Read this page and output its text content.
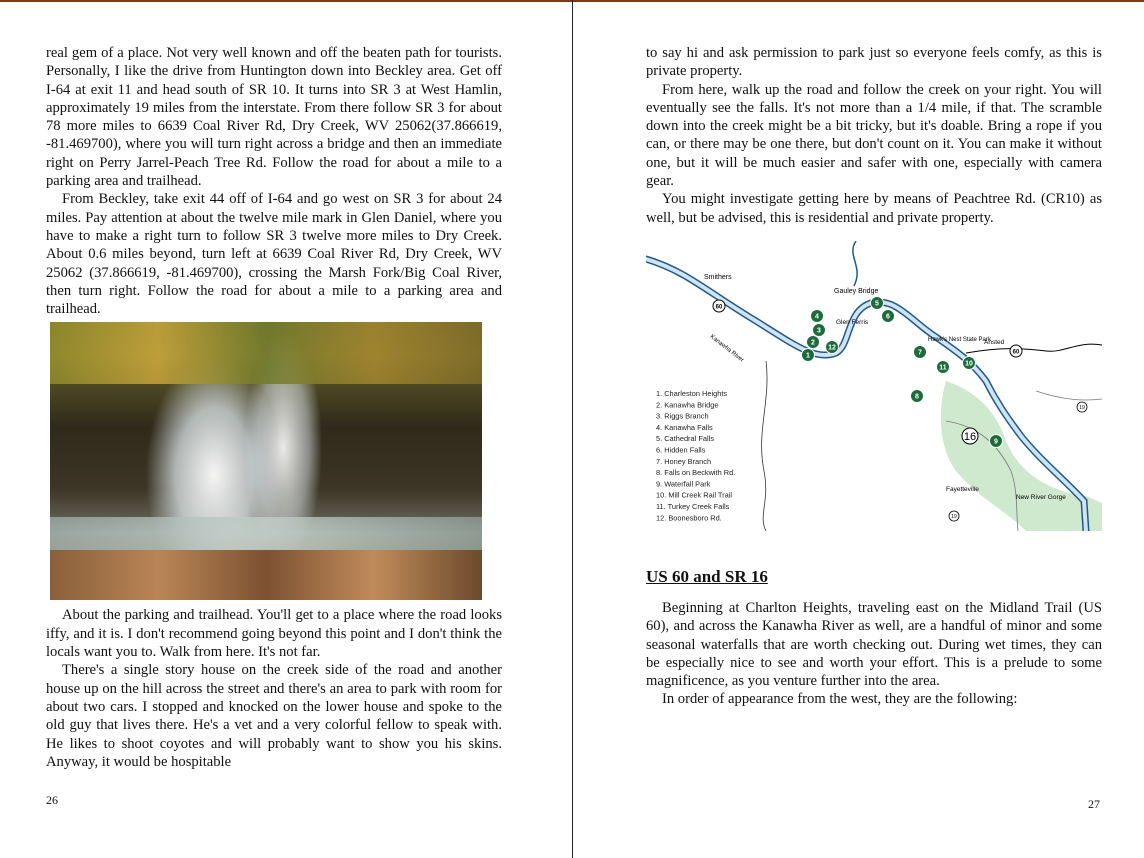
real gem of a place. Not very well known and off the beaten path for tourists. Personally, I like the drive from Huntington down into Beckley area. Get off I-64 at exit 11 and head south of SR 10. It turns into SR 3 at West Hamlin, approximately 19 miles from the interstate. From there follow SR 3 for about 78 more miles to 6639 Coal River Rd, Dry Creek, WV 25062(37.866619, -81.469700), where you will turn right across a bridge and then an immediate right on Perry Jarrel-Peach Tree Rd. Follow the road for about a mile to a parking area and trailhead.

From Beckley, take exit 44 off of I-64 and go west on SR 3 for about 24 miles. Pay attention at about the twelve mile mark in Glen Daniel, where you have to make a right turn to follow SR 3 twelve more miles to Dry Creek. About 0.6 miles beyond, turn left at 6639 Coal River Rd, Dry Creek, WV 25062 (37.866619, -81.469700), crossing the Marsh Fork/Big Coal River, then turn right. Follow the road for about a mile to a parking area and trailhead.

About the parking and trailhead. You'll get to a place where the road looks iffy, and it is. I don't recommend going beyond this point and I don't think the locals want you to. Walk from here. It's not far.

There's a single story house on the creek side of the road and another house up on the hill across the street and there's an area to park with room for about two cars. I stopped and knocked on the lower house and spoke to the old guy that lives there. He's a vet and a very colorful fellow to speak with. He likes to shoot coyotes and will probably want to show you his skins. Anyway, it would be hospitable

26

to say hi and ask permission to park just so everyone feels comfy, as this is private property.

From here, walk up the road and follow the creek on your right. You will eventually see the falls. It's not more than a 1/4 mile, if that. The scramble down into the creek might be a bit tricky, but it's doable. Bring a rope if you can, or there may be one there, but don't count on it. You can make it without one, but it will be much easier and safer with one, especially with camera gear.

You might investigate getting here by means of Peachtree Rd. (CR10) as well, but be advised, this is residential and private property.

Smithers
Gauley Bridge
Glen Ferris
Hawk's Nest State Park
Ansted
Fayetteville
New River Gorge
Kanawha River
60
60
16
19
19
1. Charleston Heights
2. Kanawha Bridge
3. Riggs Branch
4. Kanawha Falls
5. Cathedral Falls
6. Hidden Falls
7. Honey Branch
8. Falls on Beckwith Rd.
9. Waterfall Park
10. Mill Creek Rail Trail
11. Turkey Creek Falls
12. Boonesboro Rd.
1
2
3
4
5
6
7
8
9
10
11
12
US 60 and SR 16

Beginning at Charlton Heights, traveling east on the Midland Trail (US 60), and across the Kanawha River as well, are a handful of minor and some seasonal waterfalls that are worth checking out. During wet times, they can be especially nice to see and worth your effort. This is a prelude to some magnificence, as you venture further into the area.

In order of appearance from the west, they are the following:

27
